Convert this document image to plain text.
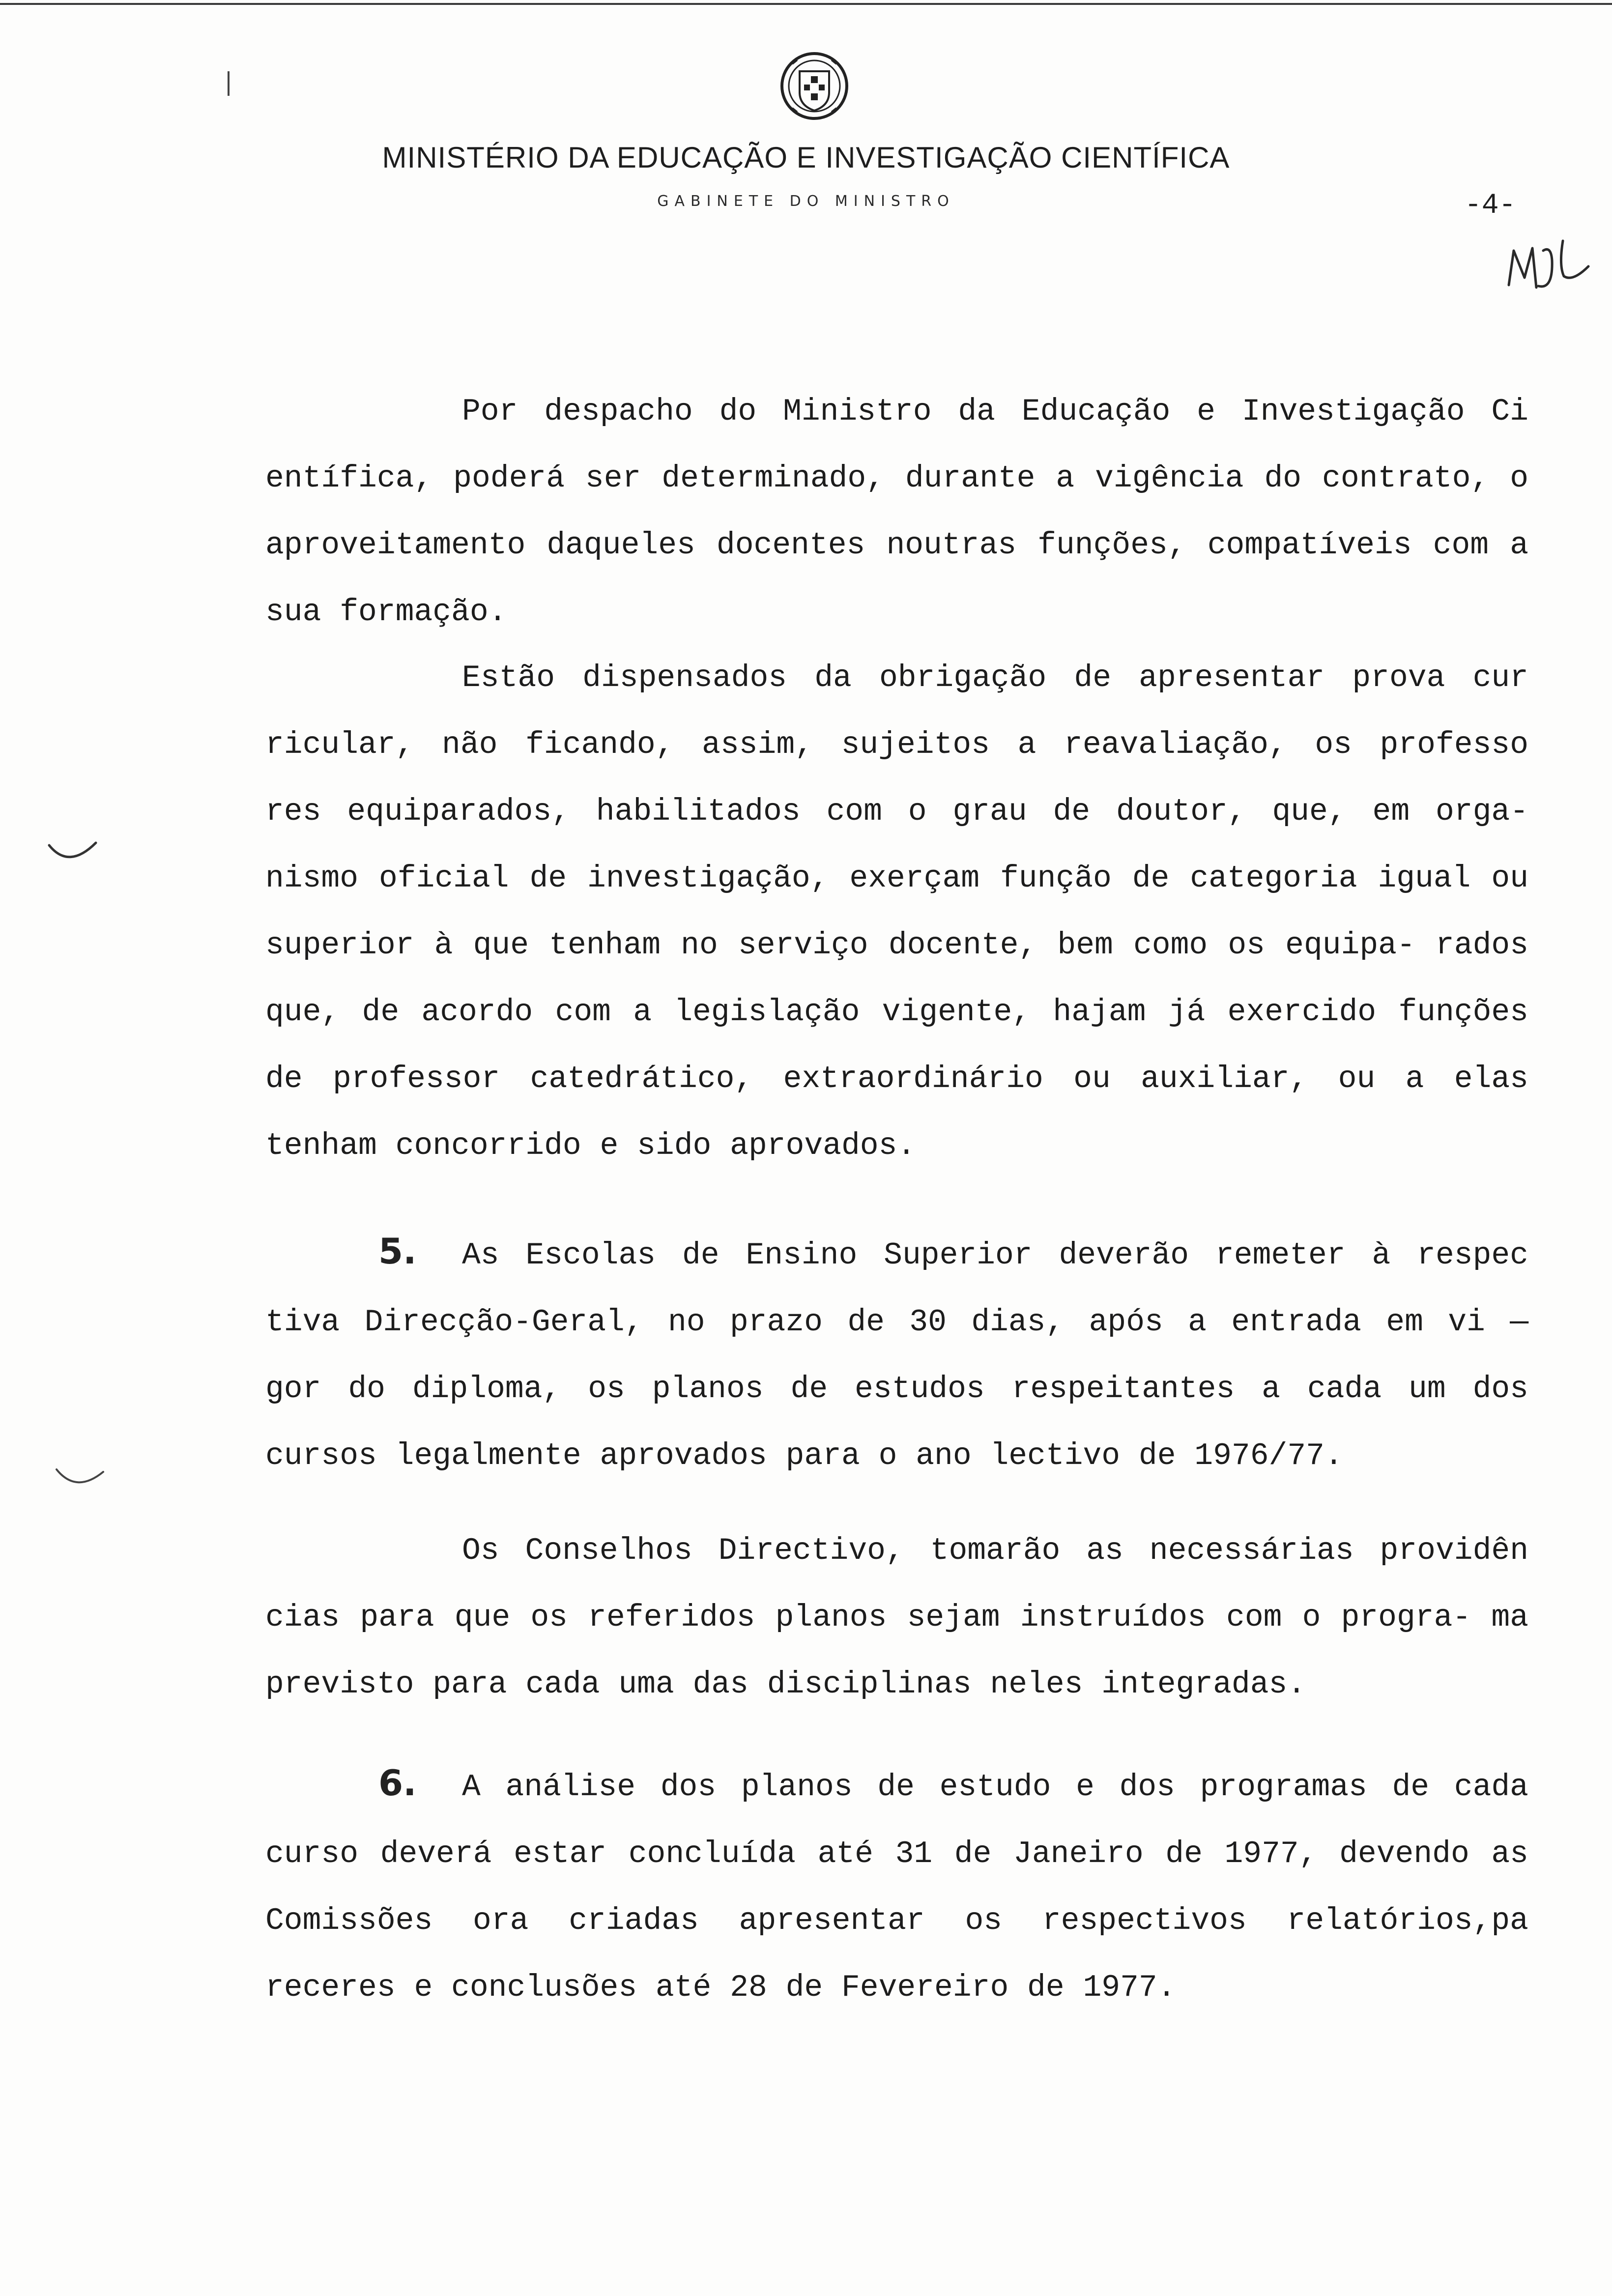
MINISTÉRIO DA EDUCAÇÃO E INVESTIGAÇÃO CIENTÍFICA
GABINETE DO MINISTRO	-4-

Por despacho do Ministro da Educação e Investigação Ci entífica, poderá ser determinado, durante a vigência do contrato, o aproveitamento daqueles docentes noutras funções, compatíveis com a sua formação.

Estão dispensados da obrigação de apresentar prova cur ricular, não ficando, assim, sujeitos a reavaliação, os professo res equiparados, habilitados com o grau de doutor, que, em orga- nismo oficial de investigação, exerçam função de categoria igual ou superior à que tenham no serviço docente, bem como os equipa- rados que, de acordo com a legislação vigente, hajam já exercido funções de professor catedrático, extraordinário ou auxiliar, ou a elas tenham concorrido e sido aprovados.

5. As Escolas de Ensino Superior deverão remeter à respec tiva Direcção-Geral, no prazo de 30 dias, após a entrada em vi — gor do diploma, os planos de estudos respeitantes a cada um dos cursos legalmente aprovados para o ano lectivo de 1976/77.

Os Conselhos Directivo, tomarão as necessárias providên cias para que os referidos planos sejam instruídos com o progra- ma previsto para cada uma das disciplinas neles integradas.

6. A análise dos planos de estudo e dos programas de cada curso deverá estar concluída até 31 de Janeiro de 1977, devendo as Comissões ora criadas apresentar os respectivos relatórios,pa receres e conclusões até 28 de Fevereiro de 1977.
